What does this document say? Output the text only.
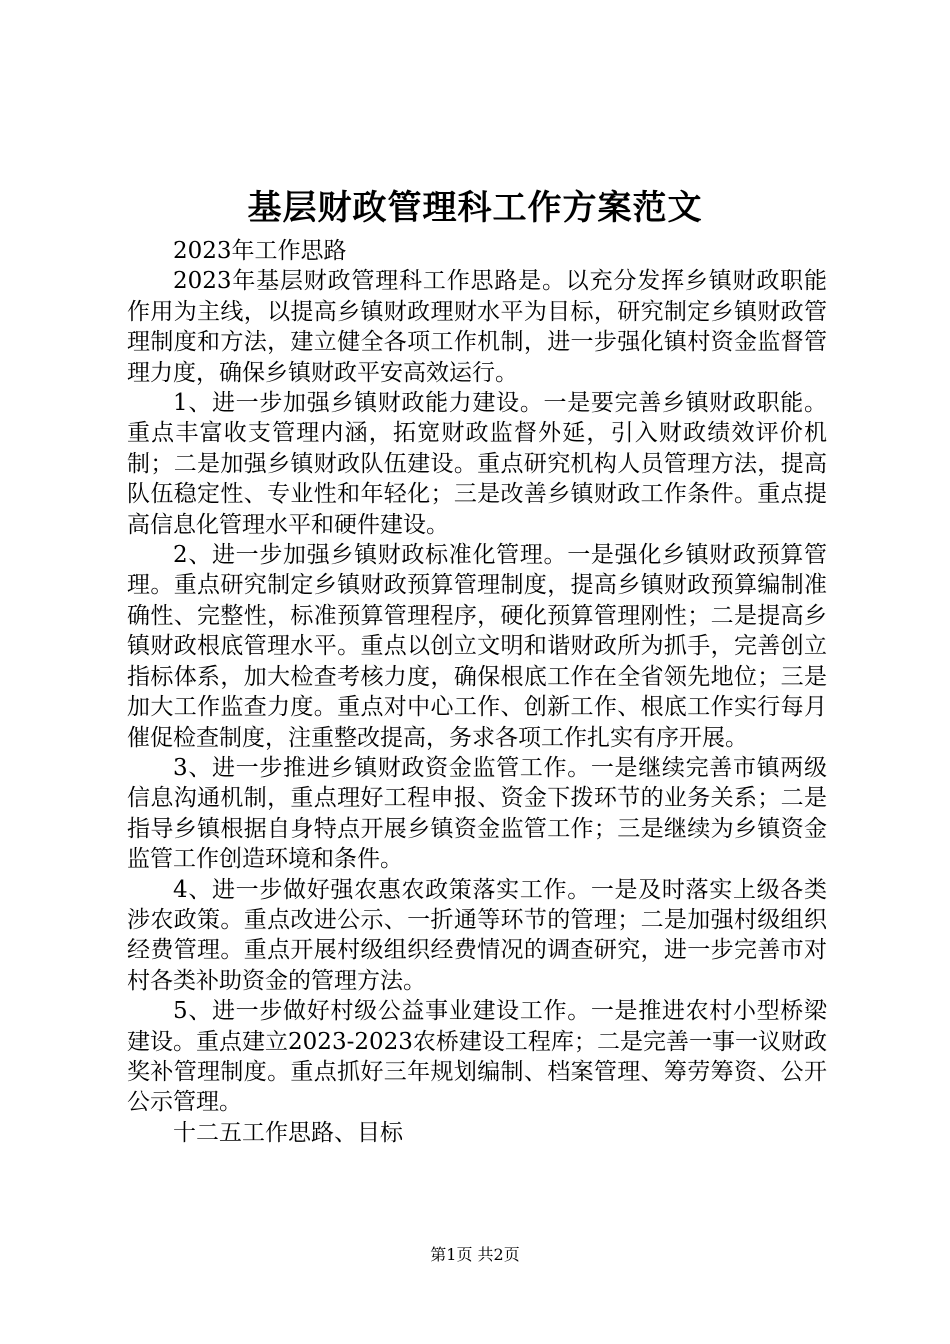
基层财政管理科工作方案范文

2023年工作思路

2023年基层财政管理科工作思路是。以充分发挥乡镇财政职能作用为主线，以提高乡镇财政理财水平为目标，研究制定乡镇财政管理制度和方法，建立健全各项工作机制，进一步强化镇村资金监督管理力度，确保乡镇财政平安高效运行。

1、进一步加强乡镇财政能力建设。一是要完善乡镇财政职能。重点丰富收支管理内涵，拓宽财政监督外延，引入财政绩效评价机制；二是加强乡镇财政队伍建设。重点研究机构人员管理方法，提高队伍稳定性、专业性和年轻化；三是改善乡镇财政工作条件。重点提高信息化管理水平和硬件建设。

2、进一步加强乡镇财政标准化管理。一是强化乡镇财政预算管理。重点研究制定乡镇财政预算管理制度，提高乡镇财政预算编制准确性、完整性，标准预算管理程序，硬化预算管理刚性；二是提高乡镇财政根底管理水平。重点以创立文明和谐财政所为抓手，完善创立指标体系，加大检查考核力度，确保根底工作在全省领先地位；三是加大工作监查力度。重点对中心工作、创新工作、根底工作实行每月催促检查制度，注重整改提高，务求各项工作扎实有序开展。

3、进一步推进乡镇财政资金监管工作。一是继续完善市镇两级信息沟通机制，重点理好工程申报、资金下拨环节的业务关系；二是指导乡镇根据自身特点开展乡镇资金监管工作；三是继续为乡镇资金监管工作创造环境和条件。

4、进一步做好强农惠农政策落实工作。一是及时落实上级各类涉农政策。重点改进公示、一折通等环节的管理；二是加强村级组织经费管理。重点开展村级组织经费情况的调查研究，进一步完善市对村各类补助资金的管理方法。

5、进一步做好村级公益事业建设工作。一是推进农村小型桥梁建设。重点建立2023-2023农桥建设工程库；二是完善一事一议财政奖补管理制度。重点抓好三年规划编制、档案管理、筹劳筹资、公开公示管理。

十二五工作思路、目标

第1页 共2页
